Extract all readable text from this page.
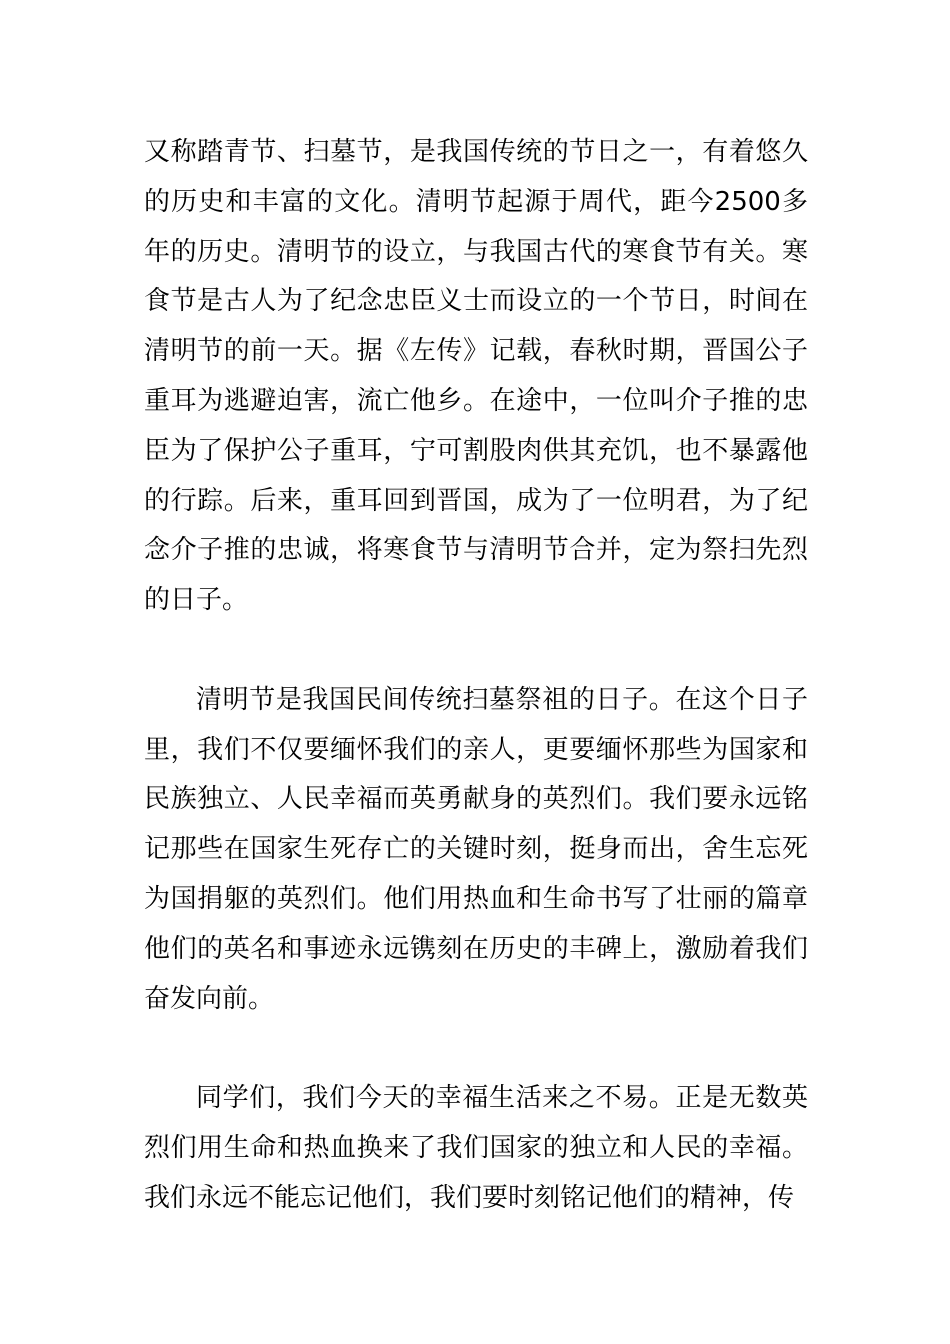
又称踏青节、扫墓节，是我国传统的节日之一，有着悠久的历史和丰富的文化。清明节起源于周代，距今2500多年的历史。清明节的设立，与我国古代的寒食节有关。寒食节是古人为了纪念忠臣义士而设立的一个节日，时间在清明节的前一天。据《左传》记载，春秋时期，晋国公子重耳为逃避迫害，流亡他乡。在途中，一位叫介子推的忠臣为了保护公子重耳，宁可割股肉供其充饥，也不暴露他的行踪。后来，重耳回到晋国，成为了一位明君，为了纪念介子推的忠诚，将寒食节与清明节合并，定为祭扫先烈的日子。

清明节是我国民间传统扫墓祭祖的日子。在这个日子里，我们不仅要缅怀我们的亲人，更要缅怀那些为国家和民族独立、人民幸福而英勇献身的英烈们。我们要永远铭记那些在国家生死存亡的关键时刻，挺身而出，舍生忘死为国捐躯的英烈们。他们用热血和生命书写了壮丽的篇章他们的英名和事迹永远镌刻在历史的丰碑上，激励着我们奋发向前。

同学们，我们今天的幸福生活来之不易。正是无数英烈们用生命和热血换来了我们国家的独立和人民的幸福。我们永远不能忘记他们，我们要时刻铭记他们的精神，传
